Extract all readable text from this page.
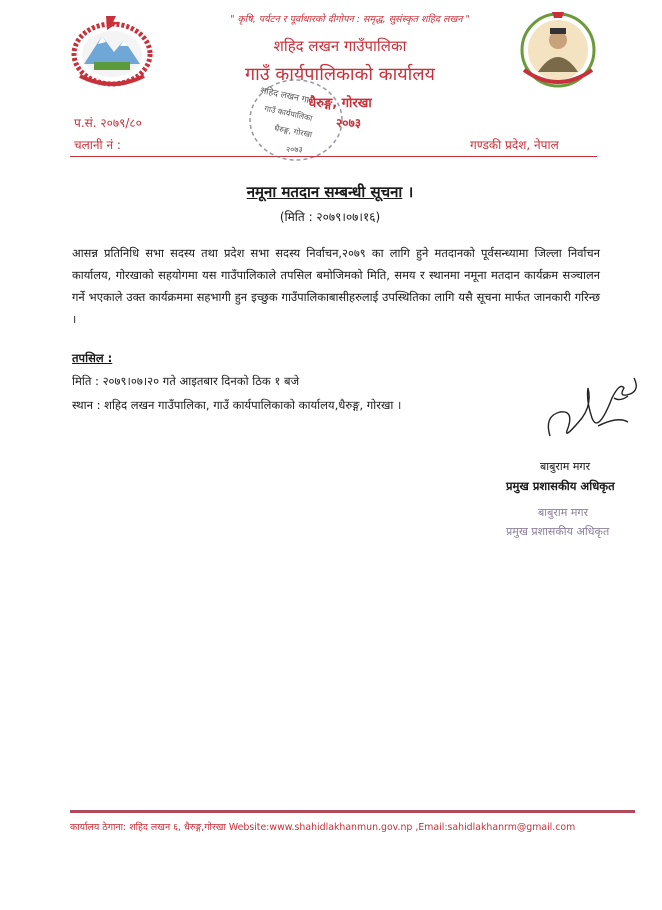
" कृषि, पर्यटन र पूर्वाधारको दीगोपन : समृद्ध, सुसंस्कृत शहिद लखन "
शहिद लखन गाउँपालिका
गाउँ कार्यपालिकाको कार्यालय
धैरुङ्ग, गोरखा
२०७३
प.सं. २०७९/८०
चलानी नं :	गण्डकी प्रदेश, नेपाल
शहिद लखन गा
गाउँ कार्यपालिका
धैरुङ्ग, गोरखा
२०७३
नमूना मतदान सम्बन्धी सूचना ।
(मिति : २०७९।०७।१६)
आसन्न प्रतिनिधि सभा सदस्य तथा प्रदेश सभा सदस्य निर्वाचन,२०७९ का लागि हुने मतदानको पूर्वसन्ध्यामा जिल्ला निर्वाचन कार्यालय, गोरखाको सहयोगमा यस गाउँपालिकाले तपसिल बमोजिमको मिति, समय र स्थानमा नमूना मतदान कार्यक्रम सञ्चालन गर्ने भएकाले उक्त कार्यक्रममा सहभागी हुन इच्छुक गाउँपालिकाबासीहरुलाई उपस्थितिका लागि यसै सूचना मार्फत जानकारी गरिन्छ ।
तपसिल :
मिति : २०७९।०७।२० गते आइतबार दिनको ठिक १ बजे
स्थान : शहिद लखन गाउँपालिका, गाउँ कार्यपालिकाको कार्यालय,धैरुङ्ग, गोरखा ।
बाबुराम मगर
प्रमुख प्रशासकीय अधिकृत
बाबुराम मगर
प्रमुख प्रशासकीय अधिकृत
कार्यालय ठेगाना: शहिद लखन ६, धैरुङ्ग,गोरखा Website:www.shahidlakhanmun.gov.np ,Email:sahidlakhanrm@gmail.com
